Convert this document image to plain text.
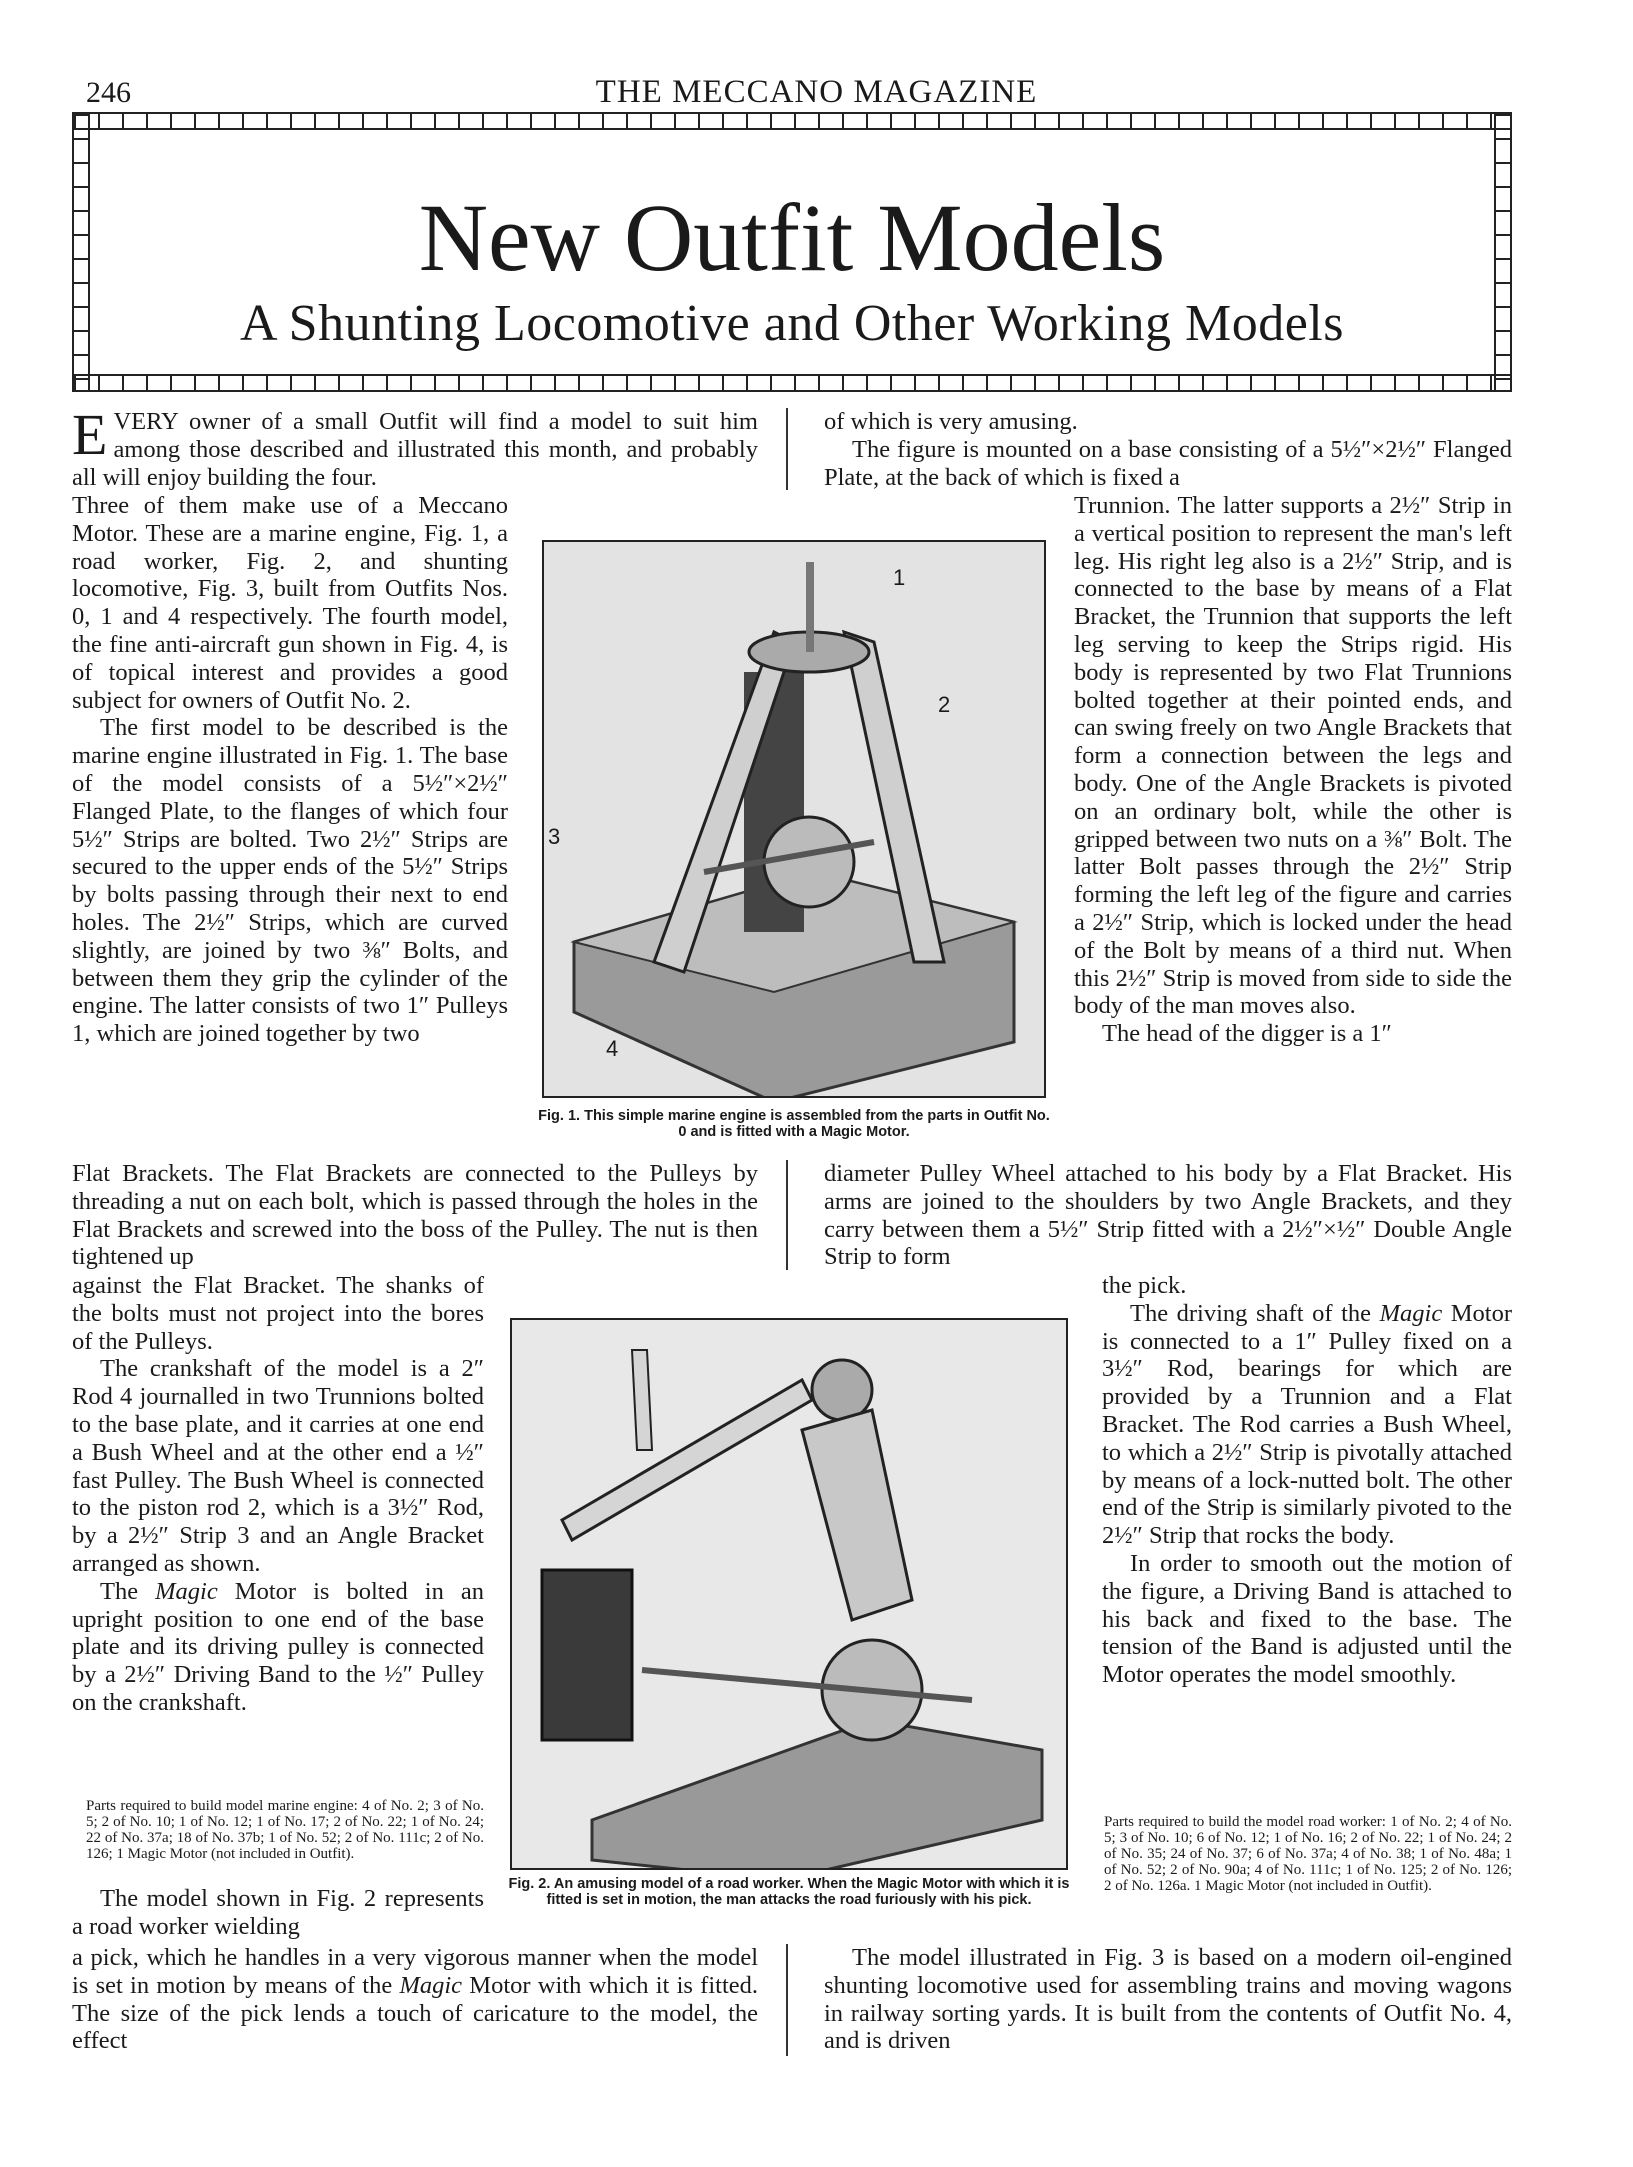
246	THE MECCANO MAGAZINE
New Outfit Models
A Shunting Locomotive and Other Working Models
EVERY owner of a small Outfit will find a model to suit him among those described and illustrated this month, and probably all will enjoy building the four.

Three of them make use of a Meccano Motor. These are a marine engine, Fig. 1, a road worker, Fig. 2, and shunting locomotive, Fig. 3, built from Outfits Nos. 0, 1 and 4 respectively. The fourth model, the fine anti-aircraft gun shown in Fig. 4, is of topical interest and provides a good subject for owners of Outfit No. 2.

The first model to be described is the marine engine illustrated in Fig. 1. The base of the model consists of a 5½″×2½″ Flanged Plate, to the flanges of which four 5½″ Strips are bolted. Two 2½″ Strips are secured to the upper ends of the 5½″ Strips by bolts passing through their next to end holes. The 2½″ Strips, which are curved slightly, are joined by two ⅜″ Bolts, and between them they grip the cylinder of the engine. The latter consists of two 1″ Pulleys 1, which are joined together by two

1
2
3
4
Fig. 1. This simple marine engine is assembled from the parts in Outfit No. 0 and is fitted with a Magic Motor.
Flat Brackets. The Flat Brackets are connected to the Pulleys by threading a nut on each bolt, which is passed through the holes in the Flat Brackets and screwed into the boss of the Pulley. The nut is then tightened up

against the Flat Bracket. The shanks of the bolts must not project into the bores of the Pulleys.

The crankshaft of the model is a 2″ Rod 4 journalled in two Trunnions bolted to the base plate, and it carries at one end a Bush Wheel and at the other end a ½″ fast Pulley. The Bush Wheel is connected to the piston rod 2, which is a 3½″ Rod, by a 2½″ Strip 3 and an Angle Bracket arranged as shown.

The Magic Motor is bolted in an upright position to one end of the base plate and its driving pulley is connected by a 2½″ Driving Band to the ½″ Pulley on the crankshaft.

Parts required to build model marine engine: 4 of No. 2; 3 of No. 5; 2 of No. 10; 1 of No. 12; 1 of No. 17; 2 of No. 22; 1 of No. 24; 22 of No. 37a; 18 of No. 37b; 1 of No. 52; 2 of No. 111c; 2 of No. 126; 1 Magic Motor (not included in Outfit).
The model shown in Fig. 2 represents a road worker wielding
Fig. 2. An amusing model of a road worker. When the Magic Motor with which it is fitted is set in motion, the man attacks the road furiously with his pick.
a pick, which he handles in a very vigorous manner when the model is set in motion by means of the Magic Motor with which it is fitted. The size of the pick lends a touch of caricature to the model, the effect

of which is very amusing.

The figure is mounted on a base consisting of a 5½″×2½″ Flanged Plate, at the back of which is fixed a

Trunnion. The latter supports a 2½″ Strip in a vertical position to represent the man's left leg. His right leg also is a 2½″ Strip, and is connected to the base by means of a Flat Bracket, the Trunnion that supports the left leg serving to keep the Strips rigid. His body is represented by two Flat Trunnions bolted together at their pointed ends, and can swing freely on two Angle Brackets that form a connection between the legs and body. One of the Angle Brackets is pivoted on an ordinary bolt, while the other is gripped between two nuts on a ⅜″ Bolt. The latter Bolt passes through the 2½″ Strip forming the left leg of the figure and carries a 2½″ Strip, which is locked under the head of the Bolt by means of a third nut. When this 2½″ Strip is moved from side to side the body of the man moves also.

The head of the digger is a 1″

diameter Pulley Wheel attached to his body by a Flat Bracket. His arms are joined to the shoulders by two Angle Brackets, and they carry between them a 5½″ Strip fitted with a 2½″×½″ Double Angle Strip to form

the pick.

The driving shaft of the Magic Motor is connected to a 1″ Pulley fixed on a 3½″ Rod, bearings for which are provided by a Trunnion and a Flat Bracket. The Rod carries a Bush Wheel, to which a 2½″ Strip is pivotally attached by means of a lock-nutted bolt. The other end of the Strip is similarly pivoted to the 2½″ Strip that rocks the body.

In order to smooth out the motion of the figure, a Driving Band is attached to his back and fixed to the base. The tension of the Band is adjusted until the Motor operates the model smoothly.

Parts required to build the model road worker: 1 of No. 2; 4 of No. 5; 3 of No. 10; 6 of No. 12; 1 of No. 16; 2 of No. 22; 1 of No. 24; 2 of No. 35; 24 of No. 37; 6 of No. 37a; 4 of No. 38; 1 of No. 48a; 1 of No. 52; 2 of No. 90a; 4 of No. 111c; 1 of No. 125; 2 of No. 126; 2 of No. 126a. 1 Magic Motor (not included in Outfit).
The model illustrated in Fig. 3 is based on a modern oil-engined shunting locomotive used for assembling trains and moving wagons in railway sorting yards. It is built from the contents of Outfit No. 4, and is driven
